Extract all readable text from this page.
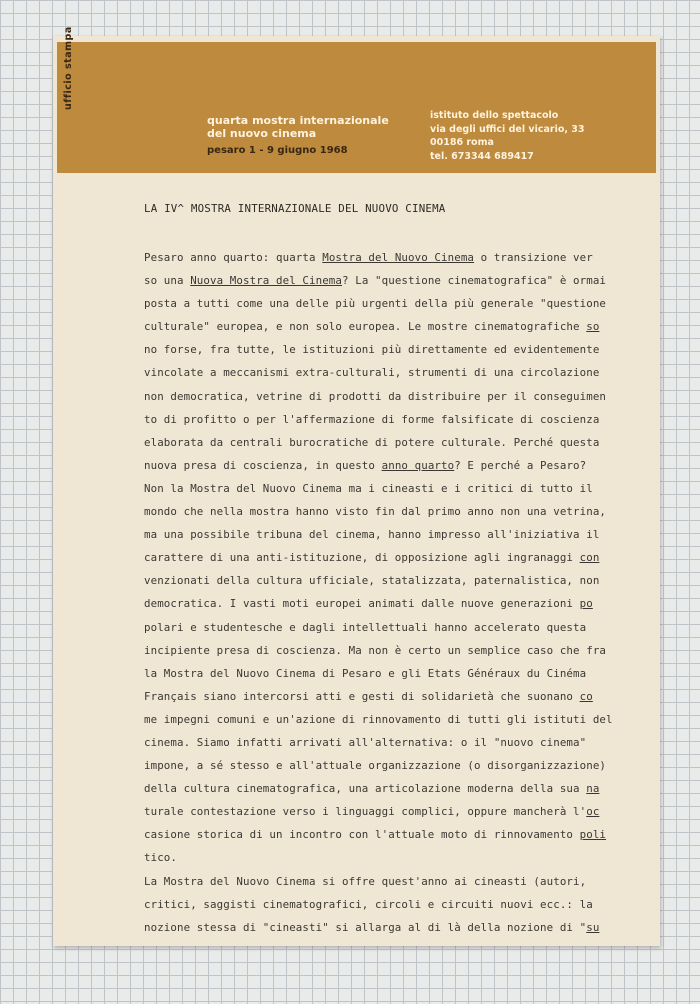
ufficio stampa
quarta mostra internazionale
del nuovo cinema
pesaro 1 - 9 giugno 1968
istituto dello spettacolo
via degli uffici del vicario, 33
00186 roma
tel. 673344 689417
LA IV^ MOSTRA INTERNAZIONALE DEL NUOVO CINEMA
Pesaro anno quarto: quarta Mostra del Nuovo Cinema o transizione ver
so una Nuova Mostra del Cinema? La "questione cinematografica" è ormai
posta a tutti come una delle più urgenti della più generale "questione
culturale" europea, e non solo europea. Le mostre cinematografiche so
no forse, fra tutte, le istituzioni più direttamente ed evidentemente
vincolate a meccanismi extra-culturali, strumenti di una circolazione
non democratica, vetrine di prodotti da distribuire per il conseguimen
to di profitto o per l'affermazione di forme falsificate di coscienza
elaborata da centrali burocratiche di potere culturale. Perché questa
nuova presa di coscienza, in questo anno quarto? E perché a Pesaro?
Non la Mostra del Nuovo Cinema ma i cineasti e i critici di tutto il
mondo che nella mostra hanno visto fin dal primo anno non una vetrina,
ma una possibile tribuna del cinema, hanno impresso all'iniziativa il
carattere di una anti-istituzione, di opposizione agli ingranaggi con
venzionati della cultura ufficiale, statalizzata, paternalistica, non
democratica. I vasti moti europei animati dalle nuove generazioni po
polari e studentesche e dagli intellettuali hanno accelerato questa
incipiente presa di coscienza. Ma non è certo un semplice caso che fra
la Mostra del Nuovo Cinema di Pesaro e gli Etats Généraux du Cinéma
Français siano intercorsi atti e gesti di solidarietà che suonano co
me impegni comuni e un'azione di rinnovamento di tutti gli istituti del
cinema. Siamo infatti arrivati all'alternativa: o il "nuovo cinema"
impone, a sé stesso e all'attuale organizzazione (o disorganizzazione)
della cultura cinematografica, una articolazione moderna della sua na
turale contestazione verso i linguaggi complici, oppure mancherà l'oc
casione storica di un incontro con l'attuale moto di rinnovamento poli
tico.
La Mostra del Nuovo Cinema si offre quest'anno ai cineasti (autori,
critici, saggisti cinematografici, circoli e circuiti nuovi ecc.: la
nozione stessa di "cineasti" si allarga al di là della nozione di "su
